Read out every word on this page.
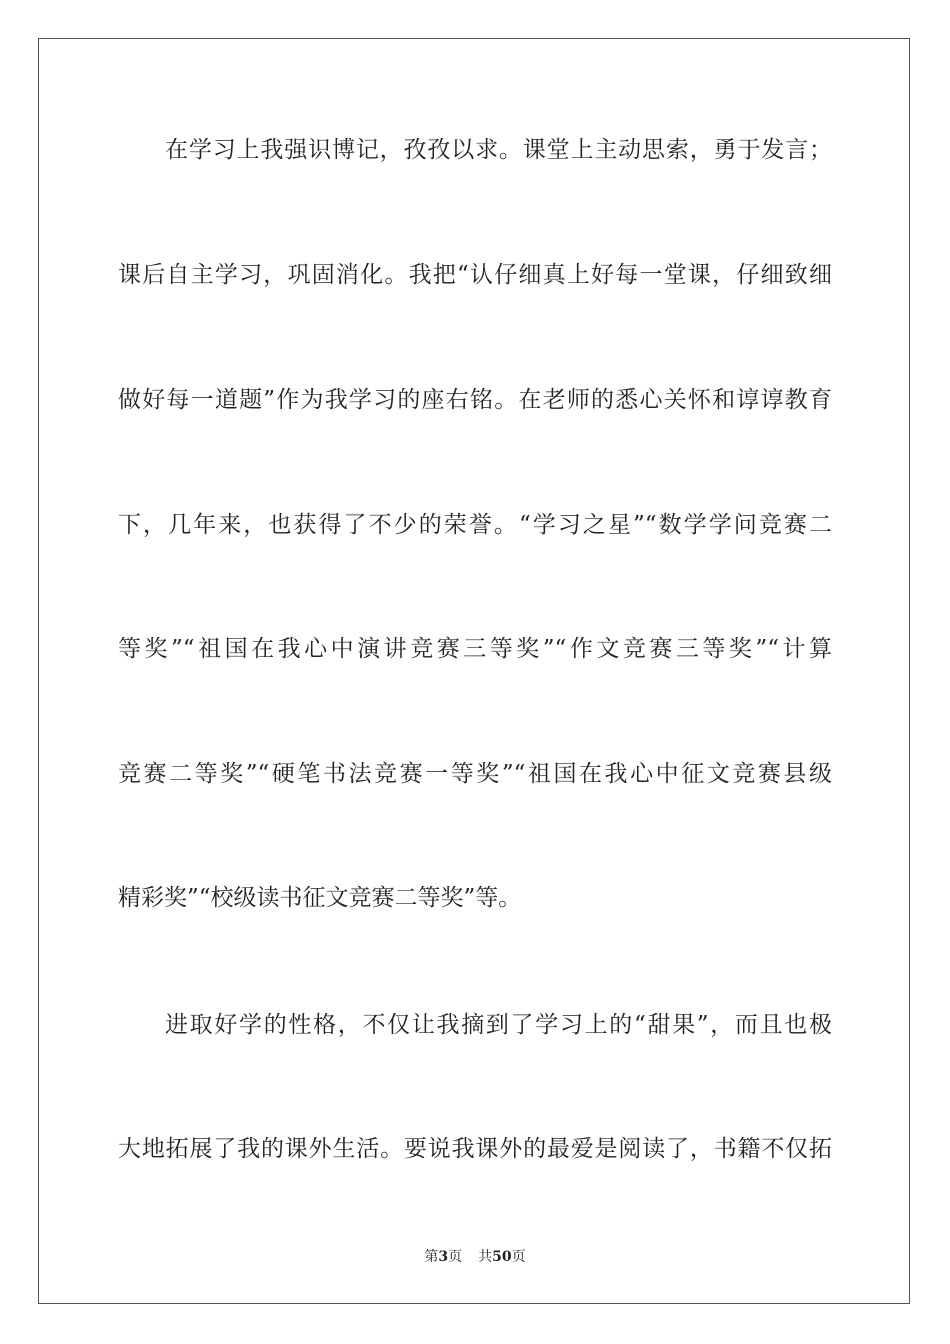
在学习上我强识博记，孜孜以求。课堂上主动思索，勇于发言；
课后自主学习，巩固消化。我把“认仔细真上好每一堂课，仔细致细
做好每一道题”作为我学习的座右铭。在老师的悉心关怀和谆谆教育
下，几年来，也获得了不少的荣誉。“学习之星”“数学学问竞赛二
等奖”“祖国在我心中演讲竞赛三等奖”“作文竞赛三等奖”“计算
竞赛二等奖”“硬笔书法竞赛一等奖”“祖国在我心中征文竞赛县级
精彩奖”“校级读书征文竞赛二等奖”等。
进取好学的性格，不仅让我摘到了学习上的“甜果”，而且也极
大地拓展了我的课外生活。要说我课外的最爱是阅读了，书籍不仅拓
第3页 共50页
